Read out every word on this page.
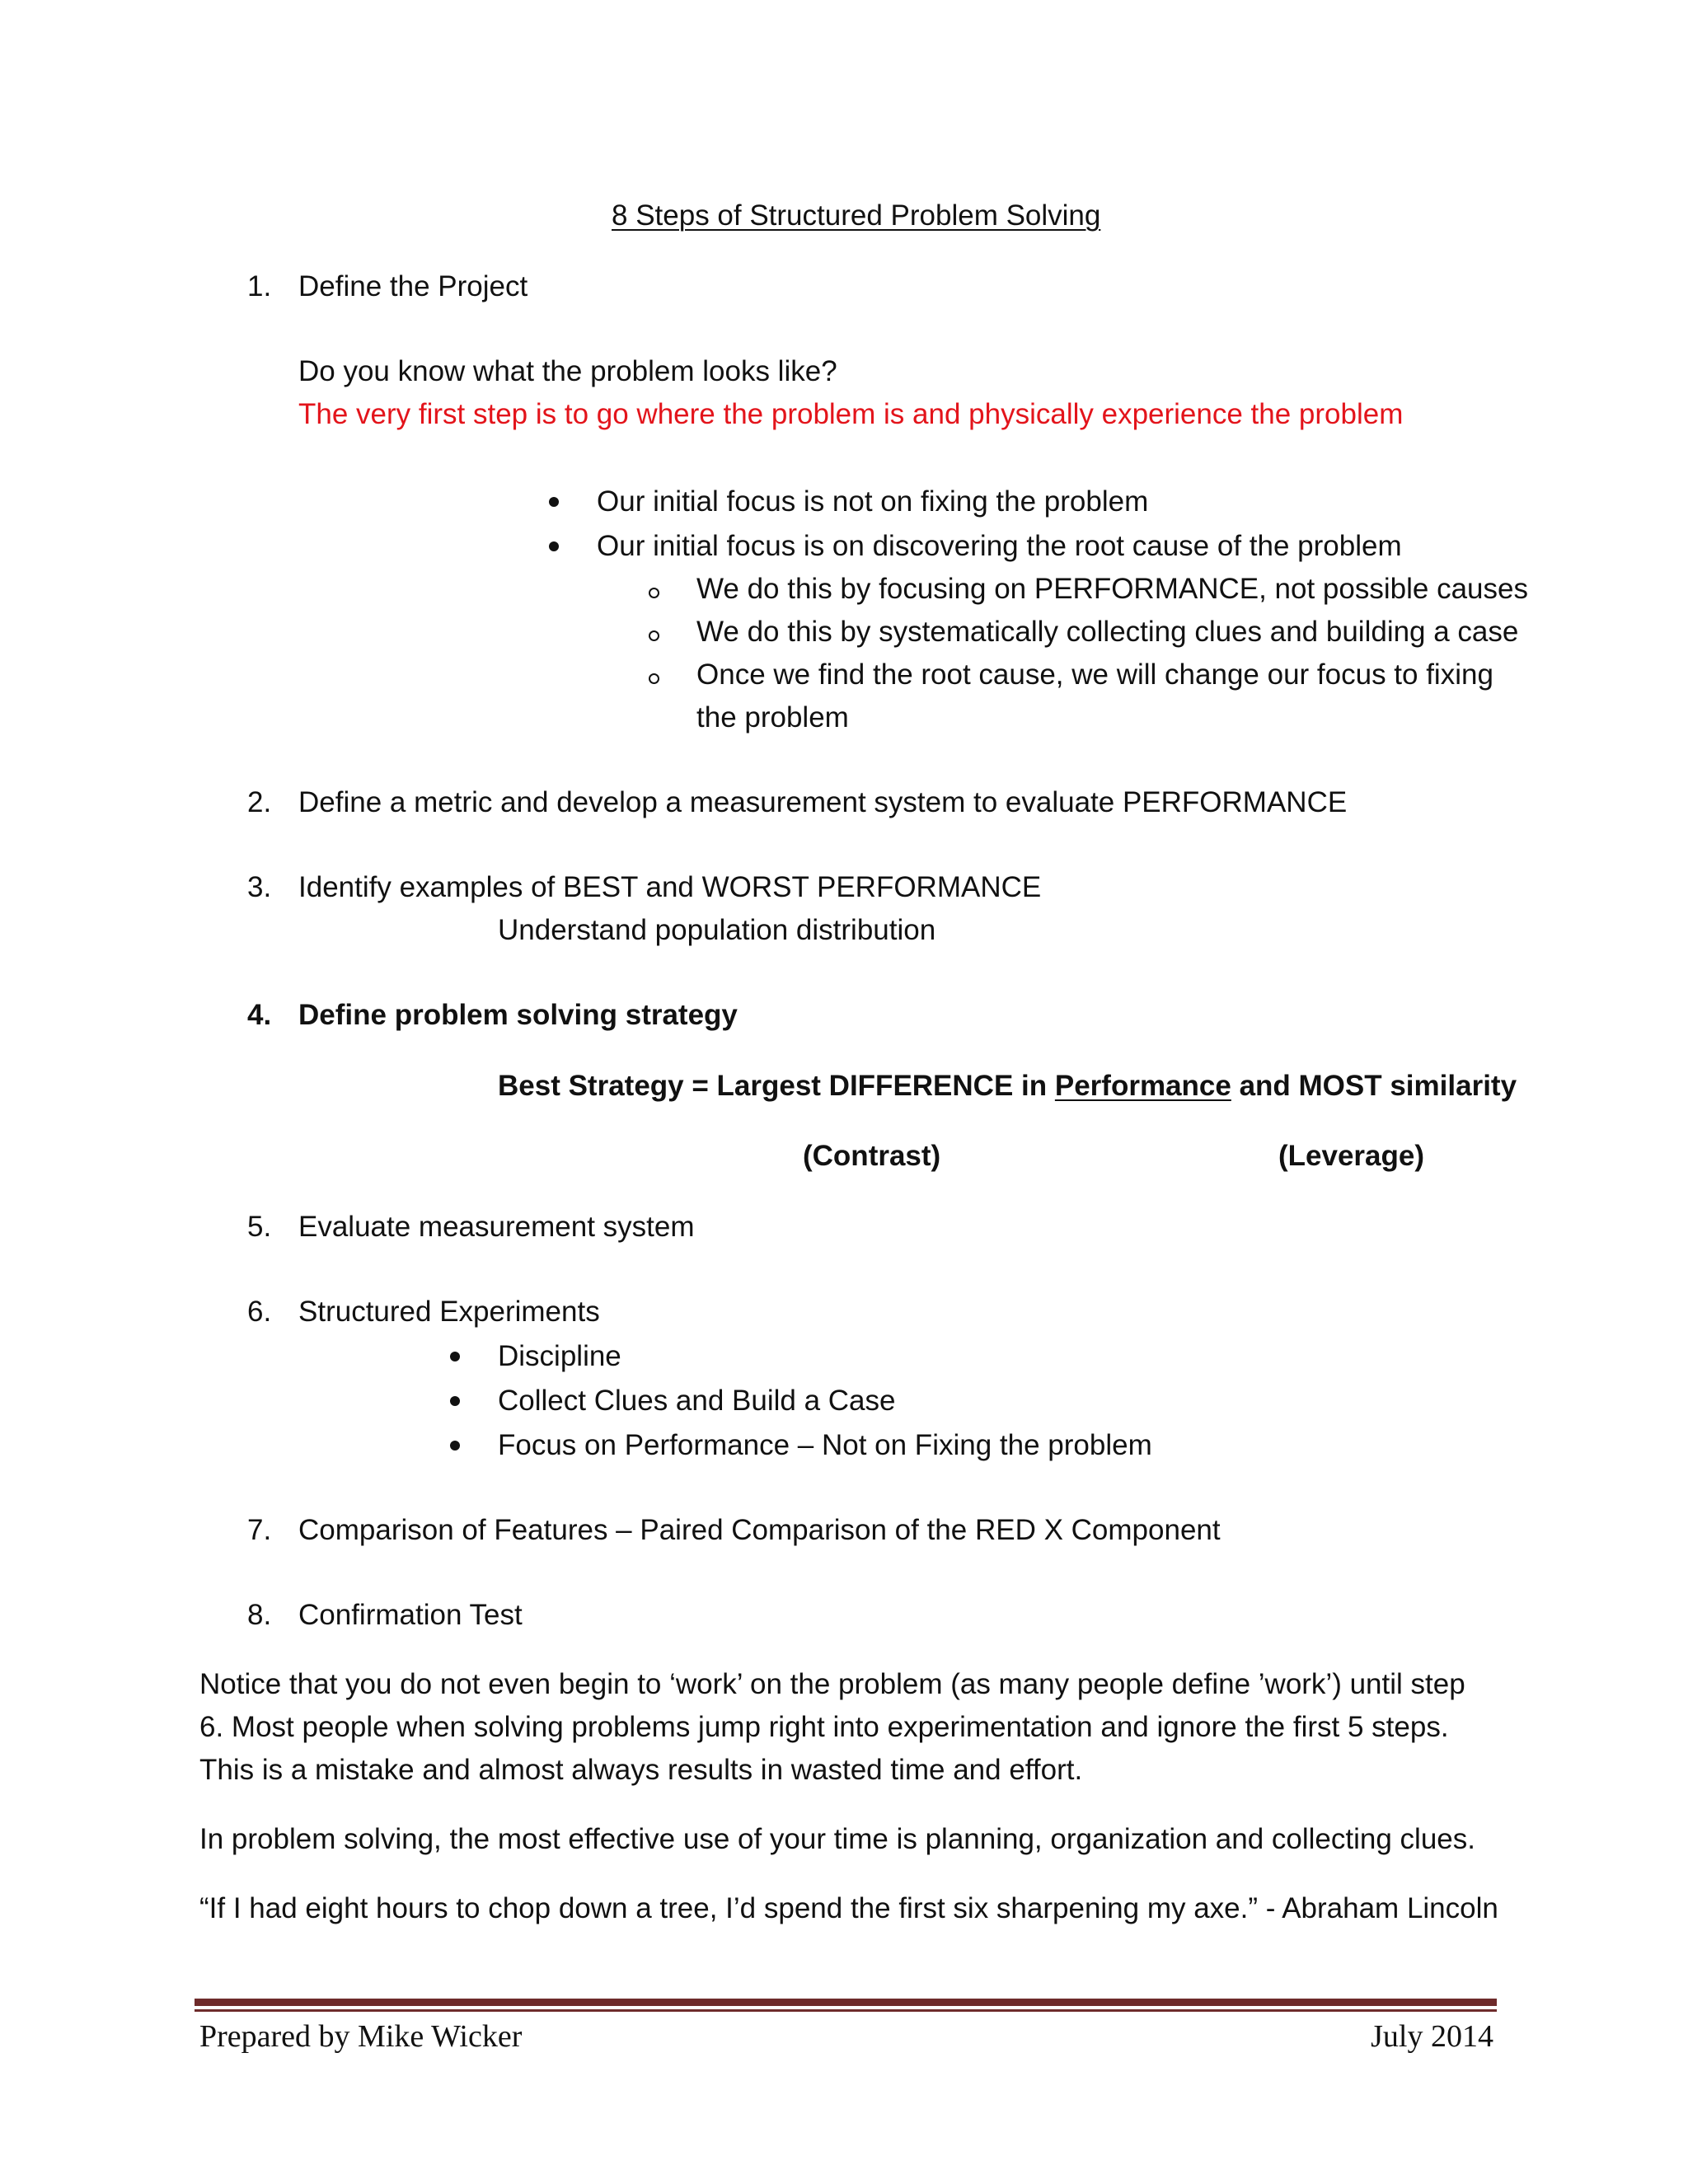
8 Steps of Structured Problem Solving
1. Define the Project
Do you know what the problem looks like?
The very first step is to go where the problem is and physically experience the problem
Our initial focus is not on fixing the problem
Our initial focus is on discovering the root cause of the problem
We do this by focusing on PERFORMANCE, not possible causes
We do this by systematically collecting clues and building a case
Once we find the root cause, we will change our focus to fixing
the problem
2. Define a metric and develop a measurement system to evaluate PERFORMANCE
3. Identify examples of BEST and WORST PERFORMANCE
Understand population distribution
4. Define problem solving strategy
Best Strategy = Largest DIFFERENCE in Performance and MOST similarity
(Contrast)	(Leverage)
5. Evaluate measurement system
6. Structured Experiments
Discipline
Collect Clues and Build a Case
Focus on Performance – Not on Fixing the problem
7. Comparison of Features – Paired Comparison of the RED X Component
8. Confirmation Test
Notice that you do not even begin to ‘work’ on the problem (as many people define ’work’) until step 6. Most people when solving problems jump right into experimentation and ignore the first 5 steps. This is a mistake and almost always results in wasted time and effort.
In problem solving, the most effective use of your time is planning, organization and collecting clues.
“If I had eight hours to chop down a tree, I’d spend the first six sharpening my axe.” - Abraham Lincoln
Prepared by Mike Wicker	July 2014
